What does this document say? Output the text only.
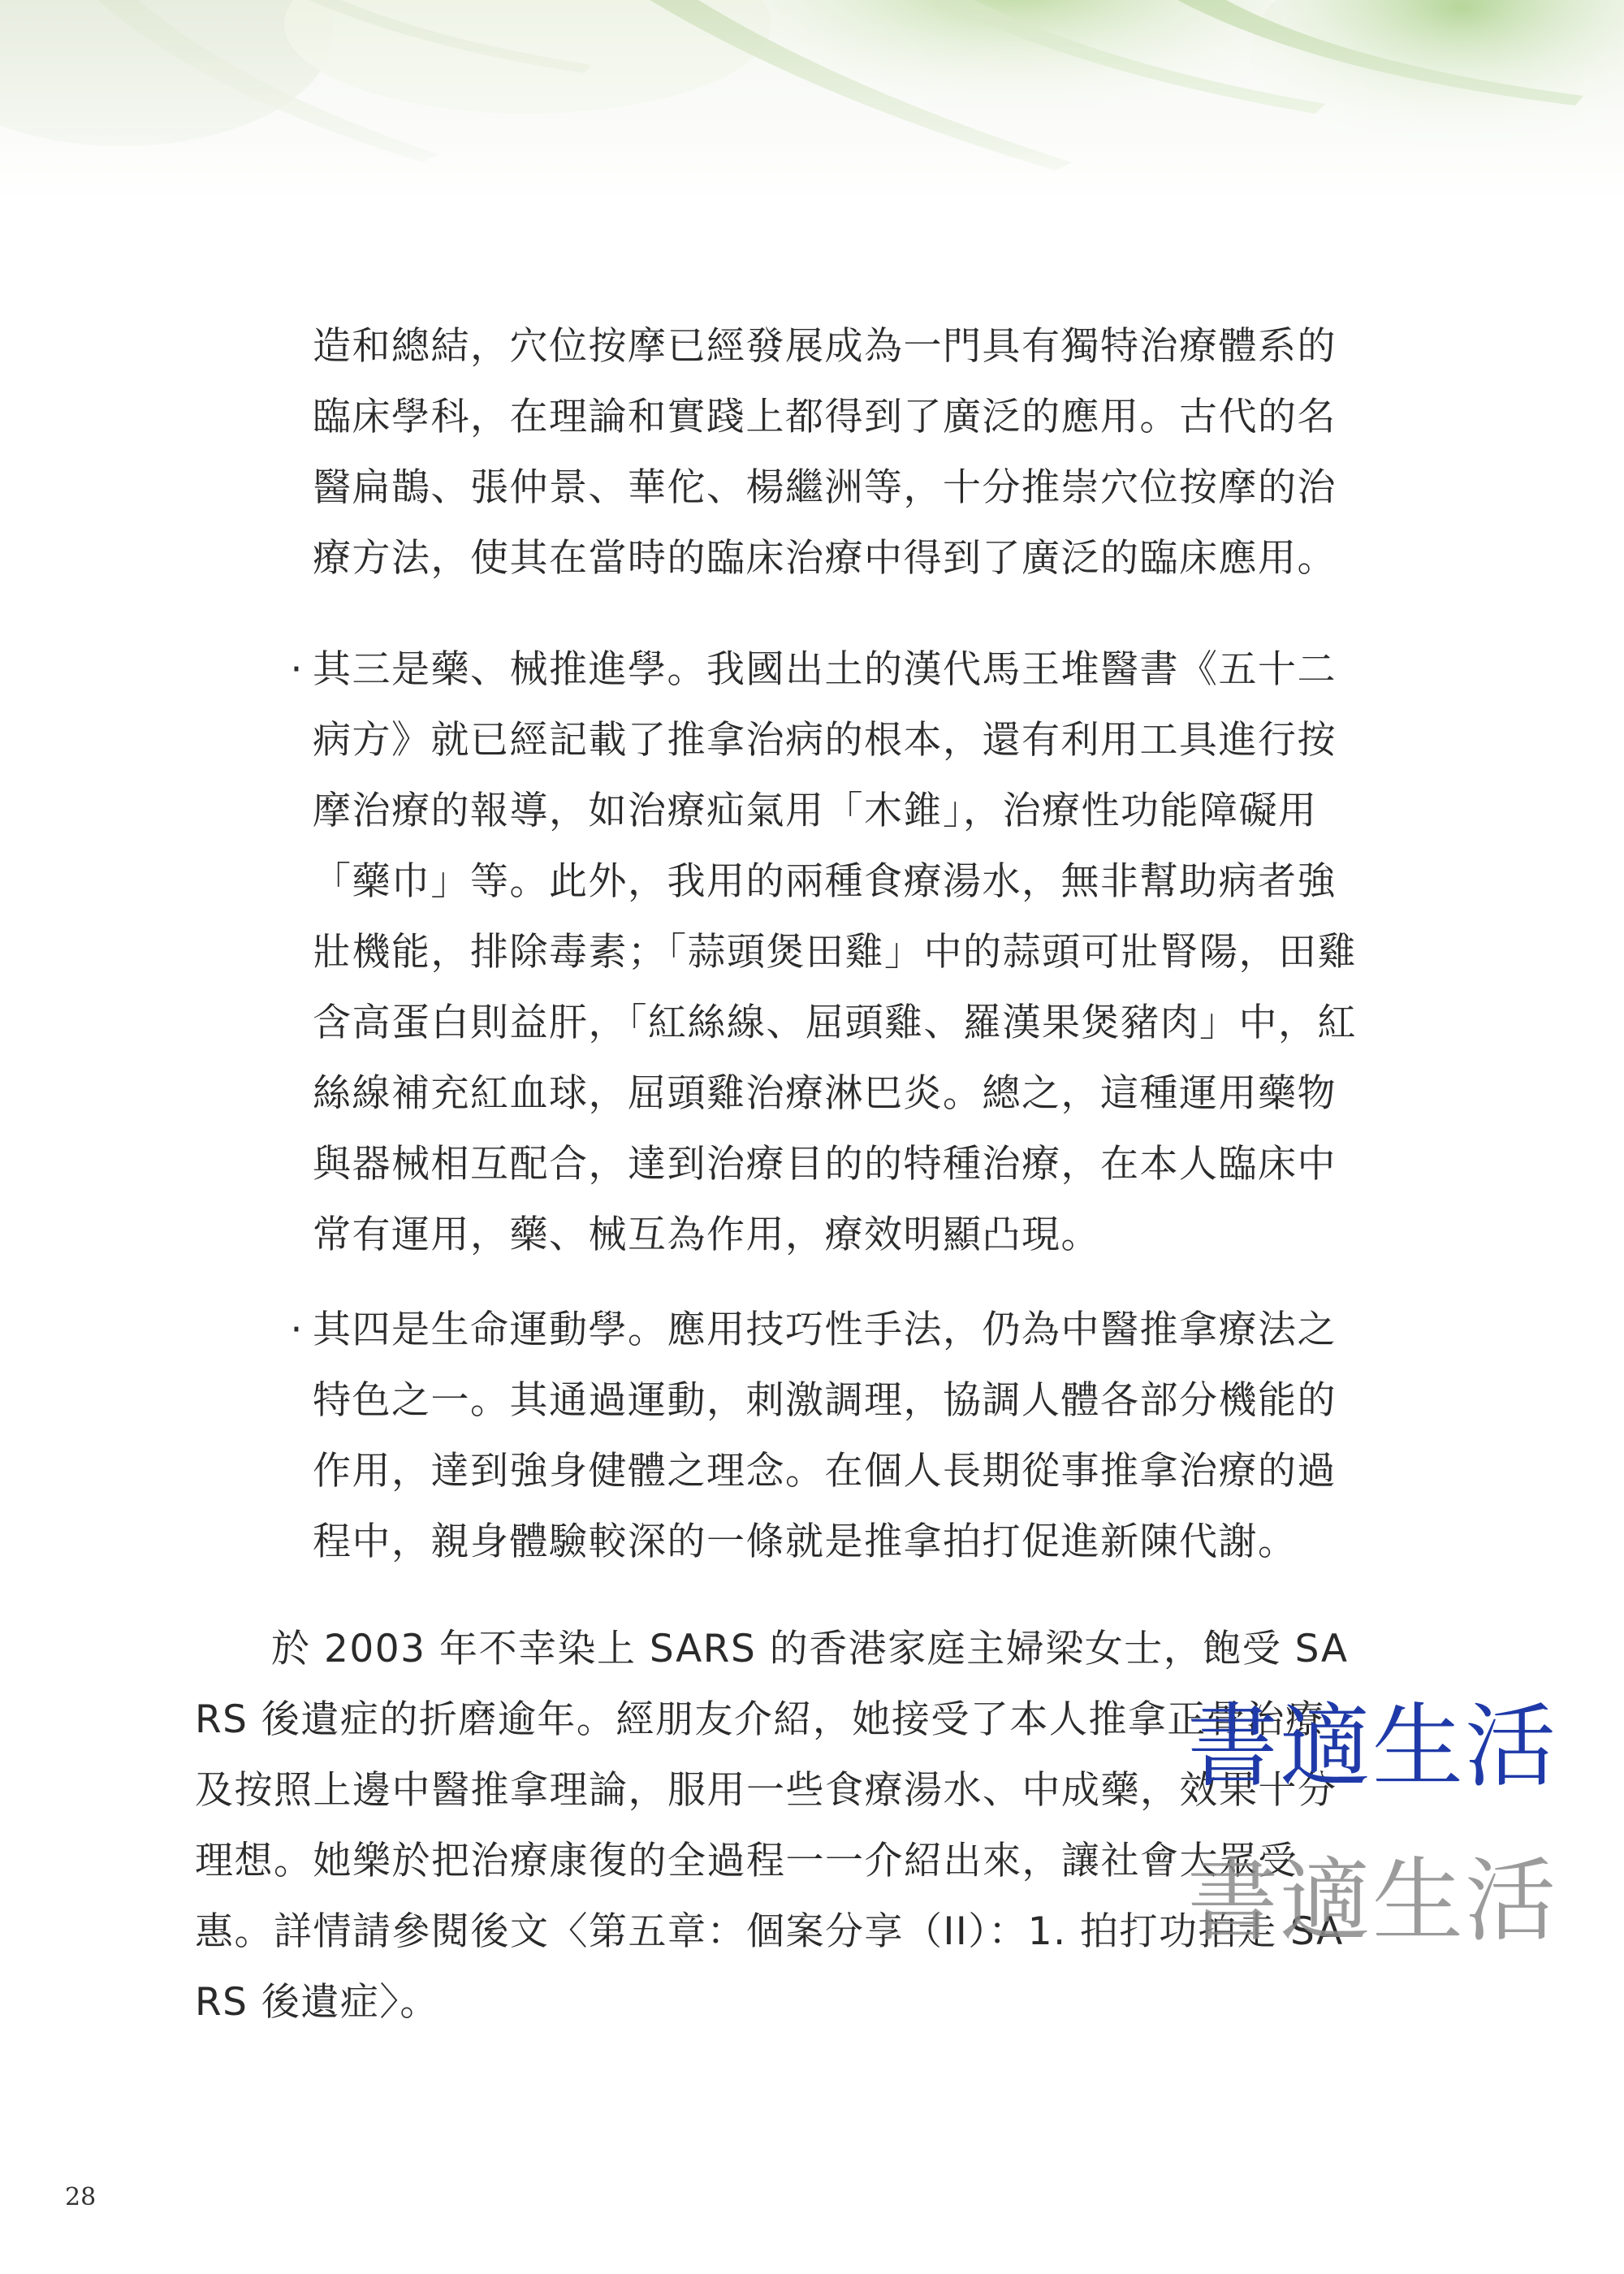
造和總結，穴位按摩已經發展成為一門具有獨特治療體系的臨床學科，在理論和實踐上都得到了廣泛的應用。古代的名醫扁鵲、張仲景、華佗、楊繼洲等，十分推崇穴位按摩的治療方法，使其在當時的臨床治療中得到了廣泛的臨床應用。

· 其三是藥、械推進學。我國出土的漢代馬王堆醫書《五十二病方》就已經記載了推拿治病的根本，還有利用工具進行按摩治療的報導，如治療疝氣用「木錐」，治療性功能障礙用「藥巾」等。此外，我用的兩種食療湯水，無非幫助病者強壯機能，排除毒素；「蒜頭煲田雞」中的蒜頭可壯腎陽，田雞含高蛋白則益肝，「紅絲線、屈頭雞、羅漢果煲豬肉」中，紅絲線補充紅血球，屈頭雞治療淋巴炎。總之，這種運用藥物與器械相互配合，達到治療目的的特種治療，在本人臨床中常有運用，藥、械互為作用，療效明顯凸現。

· 其四是生命運動學。應用技巧性手法，仍為中醫推拿療法之特色之一。其通過運動，刺激調理，協調人體各部分機能的作用，達到強身健體之理念。在個人長期從事推拿治療的過程中，親身體驗較深的一條就是推拿拍打促進新陳代謝。

於 2003 年不幸染上 SARS 的香港家庭主婦梁女士，飽受 SARS 後遺症的折磨逾年。經朋友介紹，她接受了本人推拿正骨治療及按照上邊中醫推拿理論，服用一些食療湯水、中成藥，效果十分理想。她樂於把治療康復的全過程一一介紹出來，讓社會大眾受惠。詳情請參閱後文〈第五章：個案分享（II）：1. 拍打功拍走 SARS 後遺症〉。

書適生活
書適生活
28
